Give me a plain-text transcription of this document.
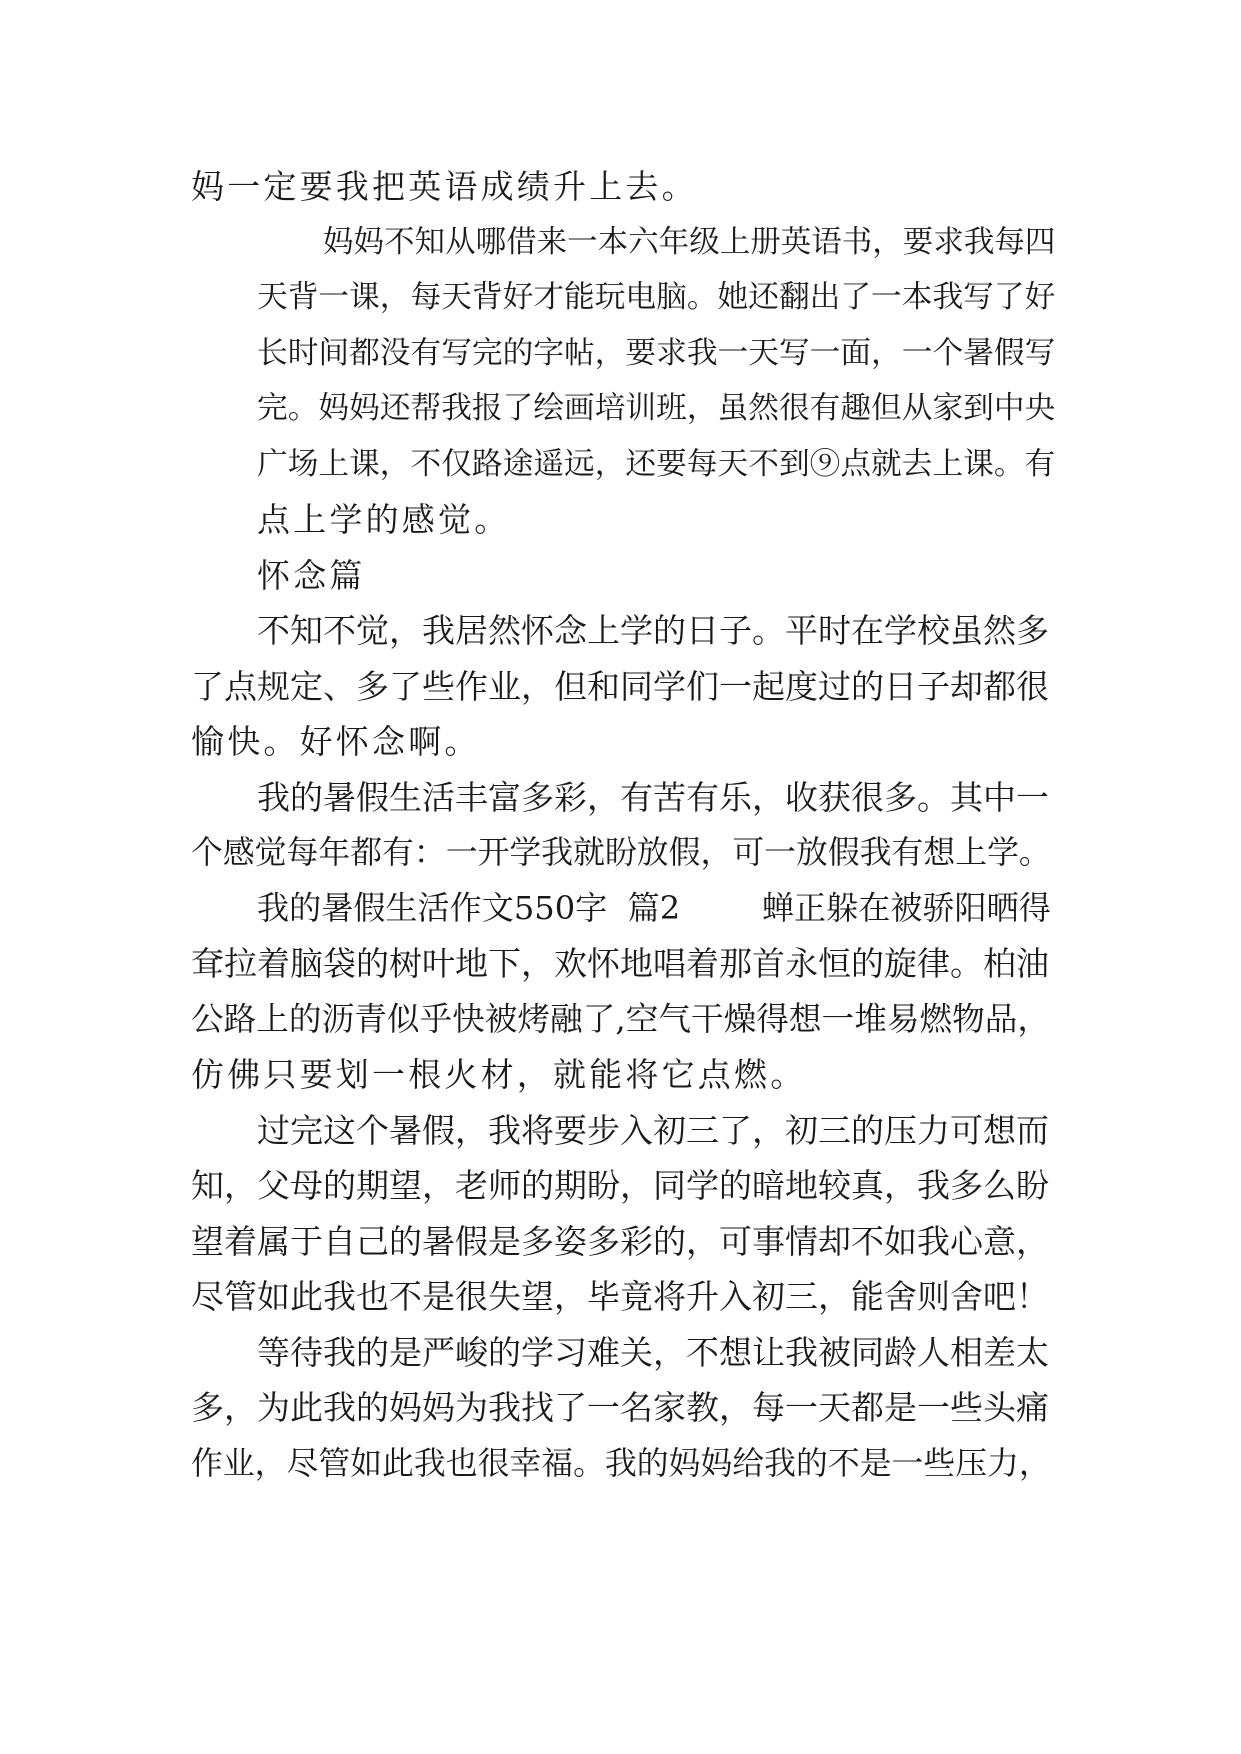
妈一定要我把英语成绩升上去。

妈妈不知从哪借来一本六年级上册英语书，要求我每四
天背一课，每天背好才能玩电脑。她还翻出了一本我写了好
长时间都没有写完的字帖，要求我一天写一面，一个暑假写
完。妈妈还帮我报了绘画培训班，虽然很有趣但从家到中央
广场上课，不仅路途遥远，还要每天不到⑨点就去上课。有
点上学的感觉。

怀念篇

不知不觉，我居然怀念上学的日子。平时在学校虽然多
了点规定、多了些作业，但和同学们一起度过的日子却都很
愉快。好怀念啊。

我的暑假生活丰富多彩，有苦有乐，收获很多。其中一
个感觉每年都有：一开学我就盼放假，可一放假我有想上学。

我的暑假生活作文550字  篇2        蝉正躲在被骄阳晒得
耷拉着脑袋的树叶地下，欢怀地唱着那首永恒的旋律。柏油
公路上的沥青似乎快被烤融了,空气干燥得想一堆易燃物品，
仿佛只要划一根火材，就能将它点燃。

过完这个暑假，我将要步入初三了，初三的压力可想而
知，父母的期望，老师的期盼，同学的暗地较真，我多么盼
望着属于自己的暑假是多姿多彩的，可事情却不如我心意，
尽管如此我也不是很失望，毕竟将升入初三，能舍则舍吧！

等待我的是严峻的学习难关，不想让我被同龄人相差太
多，为此我的妈妈为我找了一名家教，每一天都是一些头痛
作业，尽管如此我也很幸福。我的妈妈给我的不是一些压力，
